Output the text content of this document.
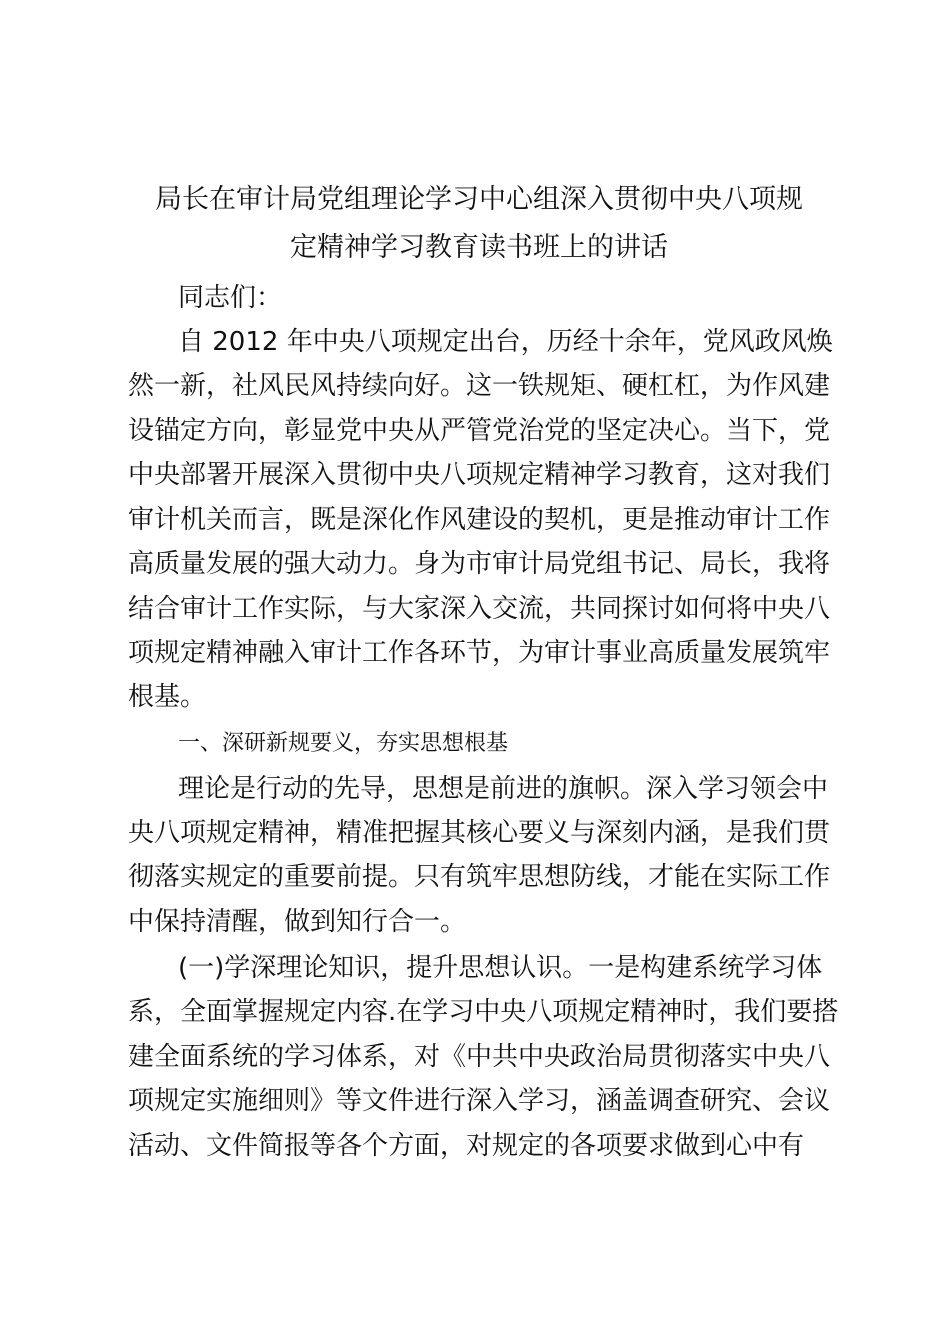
局长在审计局党组理论学习中心组深入贯彻中央八项规
定精神学习教育读书班上的讲话
同志们：
自 2012 年中央八项规定出台，历经十余年，党风政风焕
然一新，社风民风持续向好。这一铁规矩、硬杠杠，为作风建
设锚定方向，彰显党中央从严管党治党的坚定决心。当下，党
中央部署开展深入贯彻中央八项规定精神学习教育，这对我们
审计机关而言，既是深化作风建设的契机，更是推动审计工作
高质量发展的强大动力。身为市审计局党组书记、局长，我将
结合审计工作实际，与大家深入交流，共同探讨如何将中央八
项规定精神融入审计工作各环节，为审计事业高质量发展筑牢
根基。
一、深研新规要义，夯实思想根基
理论是行动的先导，思想是前进的旗帜。深入学习领会中
央八项规定精神，精准把握其核心要义与深刻内涵，是我们贯
彻落实规定的重要前提。只有筑牢思想防线，才能在实际工作
中保持清醒，做到知行合一。
(一)学深理论知识，提升思想认识。一是构建系统学习体
系，全面掌握规定内容.在学习中央八项规定精神时，我们要搭
建全面系统的学习体系，对《中共中央政治局贯彻落实中央八
项规定实施细则》等文件进行深入学习，涵盖调查研究、会议
活动、文件简报等各个方面，对规定的各项要求做到心中有
